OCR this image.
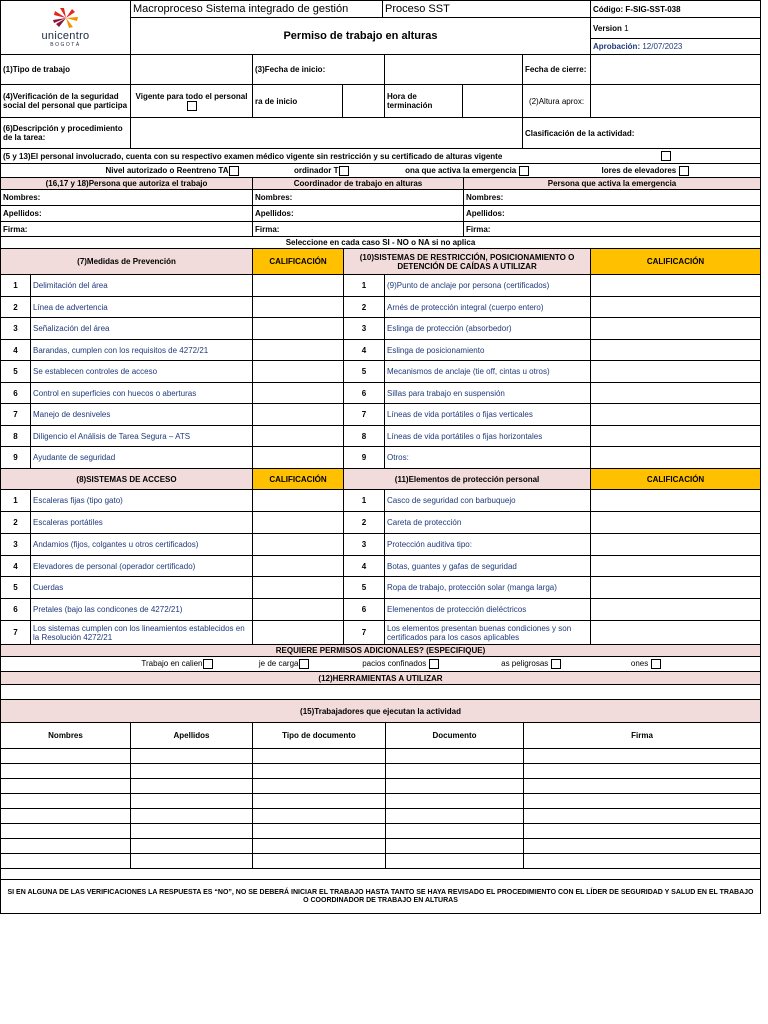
unicentro
BOGOTÁ	Macroproceso Sistema integrado de gestión	Proceso SST	Código: F-SIG-SST-038
	Permiso de trabajo en alturas		Version 1
			Aprobación: 12/07/2023
(1)Tipo de trabajo		(3)Fecha de inicio:				Fecha de cierre:	
(4)Verificación de la seguridad social del personal que participa	Vigente para todo el personal	ra de inicio		Hora de terminación		(2)Altura aprox:	
(6)Descripción y procedimiento de la tarea:						Clasificación de la actividad:	
(5 y 13)El personal involucrado, cuenta con su respectivo examen médico vigente sin restricción y su certificado de alturas vigente		
Nivel autorizado o Reentreno TA	ordinador T	ona que activa la emergencia	lores de elevadores	
(16,17 y 18)Persona que autoriza el trabajo	Coordinador de trabajo en alturas	Persona que activa la emergencia
Nombres:	Nombres:	Nombres:
Apellidos:	Apellidos:	Apellidos:
Firma:	Firma:	Firma:
Seleccione en cada caso SI - NO o NA si no aplica		
(7)Medidas de Prevención		CALIFICACIÓN	(10)SISTEMAS DE RESTRICCIÓN, POSICIONAMIENTO O DETENCIÓN DE CAÍDAS A UTILIZAR		CALIFICACIÓN
1	Delimitación del área		1	(9)Punto de anclaje por persona (certificados)	
2	Línea de advertencia		2	Arnés de protección integral (cuerpo entero)	
3	Señalización del área		3	Eslinga de protección (absorbedor)	
4	Barandas, cumplen con los requisitos de 4272/21		4	Eslinga de posicionamiento	
5	Se establecen controles de acceso		5	Mecanismos de anclaje (tie off, cintas u otros)	
6	Control en superficies con huecos o aberturas		6	Sillas para trabajo en suspensión	
7	Manejo de desniveles		7	Líneas de vida portátiles o fijas verticales	
8	Diligencio el Análisis de Tarea Segura – ATS		8	Líneas de vida portátiles o fijas horizontales	
9	Ayudante de seguridad		9	Otros:	
(8)SISTEMAS DE ACCESO		CALIFICACIÓN	(11)Elementos de protección personal		CALIFICACIÓN
1	Escaleras fijas (tipo gato)		1	Casco de seguridad con barbuquejo	
2	Escaleras portátiles		2	Careta de protección	
3	Andamios (fijos, colgantes u otros certificados)		3	Protección auditiva tipo:	
4	Elevadores de personal (operador certificado)		4	Botas, guantes y gafas de seguridad	
5	Cuerdas		5	Ropa de trabajo, protección solar (manga larga)	
6	Pretales (bajo las condicones de 4272/21)		6	Elemenentos de protección dieléctricos	
7	Los sistemas cumplen con los lineamientos establecidos en la Resolución 4272/21		7	Los elementos presentan buenas condiciones y son certificados para los casos aplicables	
REQUIERE PERMISOS ADICIONALES? (ESPECIFIQUE)
Trabajo en calien	je de carga	pacios confinados	as peligrosas	ones	
(12)HERRAMIENTAS A UTILIZAR

(15)Trabajadores que ejecutan la actividad				
Nombres	Apellidos	Tipo de documento	Documento	Firma

SI EN ALGUNA DE LAS VERIFICACIONES LA RESPUESTA ES “NO”, NO SE DEBERÁ INICIAR EL TRABAJO HASTA TANTO SE HAYA REVISADO EL PROCEDIMIENTO CON EL LÍDER DE SEGURIDAD Y SALUD EN EL TRABAJO O COORDINADOR DE TRABAJO EN ALTURAS
